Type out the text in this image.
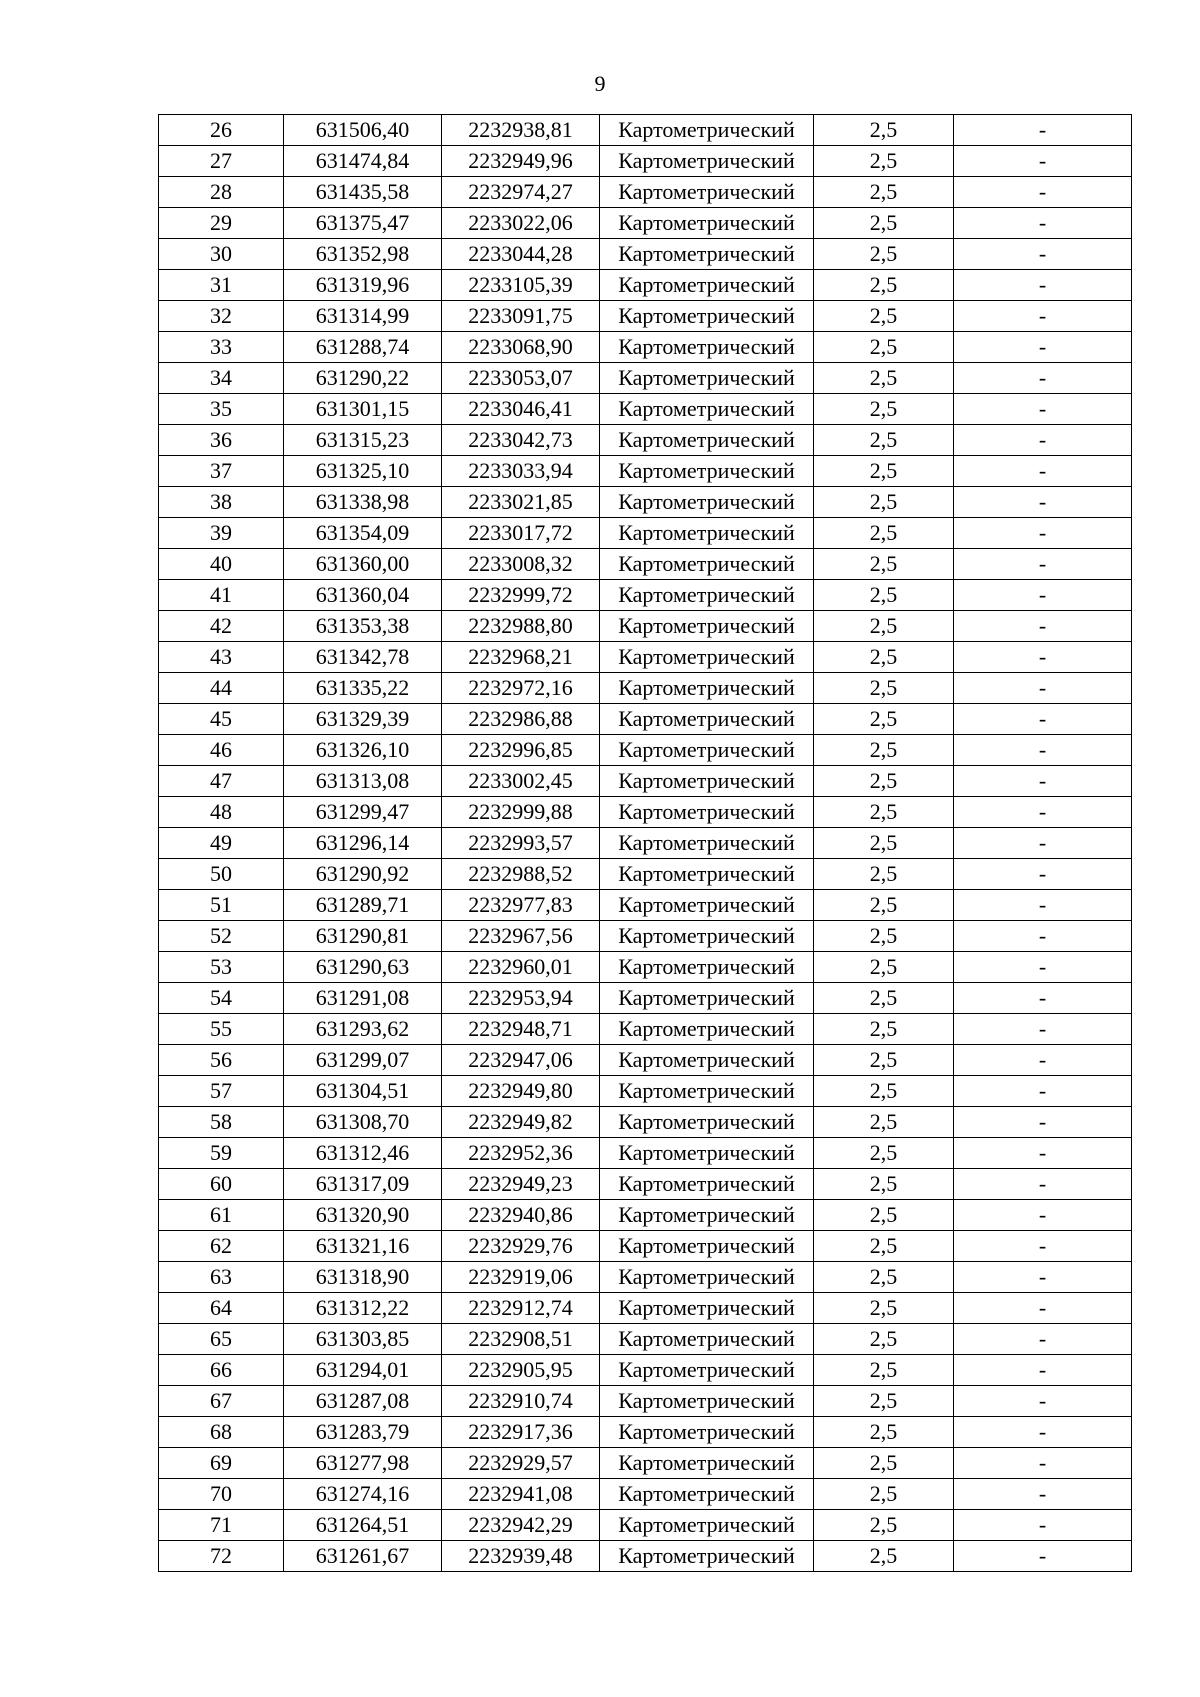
9
26	631506,40	2232938,81	Картометрический	2,5	-
27	631474,84	2232949,96	Картометрический	2,5	-
28	631435,58	2232974,27	Картометрический	2,5	-
29	631375,47	2233022,06	Картометрический	2,5	-
30	631352,98	2233044,28	Картометрический	2,5	-
31	631319,96	2233105,39	Картометрический	2,5	-
32	631314,99	2233091,75	Картометрический	2,5	-
33	631288,74	2233068,90	Картометрический	2,5	-
34	631290,22	2233053,07	Картометрический	2,5	-
35	631301,15	2233046,41	Картометрический	2,5	-
36	631315,23	2233042,73	Картометрический	2,5	-
37	631325,10	2233033,94	Картометрический	2,5	-
38	631338,98	2233021,85	Картометрический	2,5	-
39	631354,09	2233017,72	Картометрический	2,5	-
40	631360,00	2233008,32	Картометрический	2,5	-
41	631360,04	2232999,72	Картометрический	2,5	-
42	631353,38	2232988,80	Картометрический	2,5	-
43	631342,78	2232968,21	Картометрический	2,5	-
44	631335,22	2232972,16	Картометрический	2,5	-
45	631329,39	2232986,88	Картометрический	2,5	-
46	631326,10	2232996,85	Картометрический	2,5	-
47	631313,08	2233002,45	Картометрический	2,5	-
48	631299,47	2232999,88	Картометрический	2,5	-
49	631296,14	2232993,57	Картометрический	2,5	-
50	631290,92	2232988,52	Картометрический	2,5	-
51	631289,71	2232977,83	Картометрический	2,5	-
52	631290,81	2232967,56	Картометрический	2,5	-
53	631290,63	2232960,01	Картометрический	2,5	-
54	631291,08	2232953,94	Картометрический	2,5	-
55	631293,62	2232948,71	Картометрический	2,5	-
56	631299,07	2232947,06	Картометрический	2,5	-
57	631304,51	2232949,80	Картометрический	2,5	-
58	631308,70	2232949,82	Картометрический	2,5	-
59	631312,46	2232952,36	Картометрический	2,5	-
60	631317,09	2232949,23	Картометрический	2,5	-
61	631320,90	2232940,86	Картометрический	2,5	-
62	631321,16	2232929,76	Картометрический	2,5	-
63	631318,90	2232919,06	Картометрический	2,5	-
64	631312,22	2232912,74	Картометрический	2,5	-
65	631303,85	2232908,51	Картометрический	2,5	-
66	631294,01	2232905,95	Картометрический	2,5	-
67	631287,08	2232910,74	Картометрический	2,5	-
68	631283,79	2232917,36	Картометрический	2,5	-
69	631277,98	2232929,57	Картометрический	2,5	-
70	631274,16	2232941,08	Картометрический	2,5	-
71	631264,51	2232942,29	Картометрический	2,5	-
72	631261,67	2232939,48	Картометрический	2,5	-
